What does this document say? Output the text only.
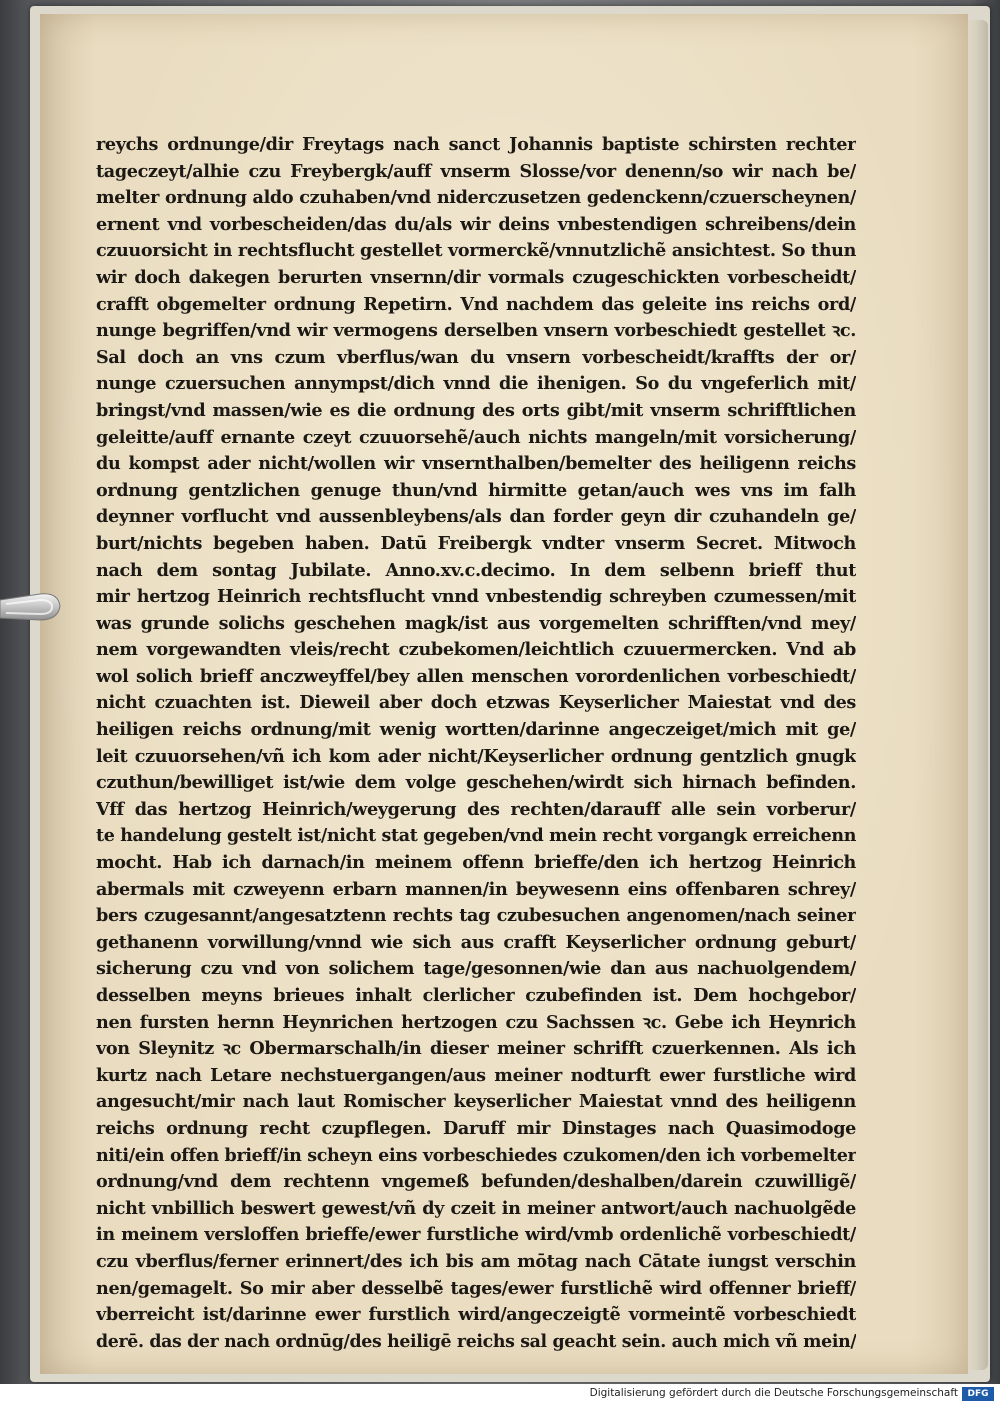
reychs ordnunge/dir Freytags nach sanct Johannis baptiste schirsten rechter
tageczeyt/alhie czu Freybergk/auff vnserm Slosse/vor denenn/so wir nach be/
melter ordnung aldo czuhaben/vnd niderczusetzen gedenckenn/czuerscheynen/
ernent vnd vorbescheiden/das du/als wir deins vnbestendigen schreibens/dein
czuuorsicht in rechtsflucht gestellet vormerckẽ/vnnutzlichẽ ansichtest. So thun
wir doch dakegen berurten vnsernn/dir vormals czugeschickten vorbescheidt/
crafft obgemelter ordnung Repetirn. Vnd nachdem das geleite ins reichs ord/
nunge begriffen/vnd wir vermogens derselben vnsern vorbeschiedt gestellet ꝛc.
Sal doch an vns czum vberflus/wan du vnsern vorbescheidt/kraffts der or/
nunge czuersuchen annympst/dich vnnd die ihenigen. So du vngeferlich mit/
bringst/vnd massen/wie es die ordnung des orts gibt/mit vnserm schrifftlichen
geleitte/auff ernante czeyt czuuorsehẽ/auch nichts mangeln/mit vorsicherung/
du kompst ader nicht/wollen wir vnsernthalben/bemelter des heiligenn reichs
ordnung gentzlichen genuge thun/vnd hirmitte getan/auch wes vns im falh
deynner vorflucht vnd aussenbleybens/als dan forder geyn dir czuhandeln ge/
burt/nichts begeben haben. Datū Freibergk vndter vnserm Secret. Mitwoch
nach dem sontag Jubilate. Anno.xv.c.decimo. In dem selbenn brieff thut
mir hertzog Heinrich rechtsflucht vnnd vnbestendig schreyben czumessen/mit
was grunde solichs geschehen magk/ist aus vorgemelten schrifften/vnd mey/
nem vorgewandten vleis/recht czubekomen/leichtlich czuuermercken. Vnd ab
wol solich brieff anczweyffel/bey allen menschen vorordenlichen vorbeschiedt/
nicht czuachten ist. Dieweil aber doch etzwas Keyserlicher Maiestat vnd des
heiligen reichs ordnung/mit wenig wortten/darinne angeczeiget/mich mit ge/
leit czuuorsehen/vñ ich kom ader nicht/Keyserlicher ordnung gentzlich gnugk
czuthun/bewilliget ist/wie dem volge geschehen/wirdt sich hirnach befinden.
Vff das hertzog Heinrich/weygerung des rechten/darauff alle sein vorberur/
te handelung gestelt ist/nicht stat gegeben/vnd mein recht vorgangk erreichenn
mocht. Hab ich darnach/in meinem offenn brieffe/den ich hertzog Heinrich
abermals mit czweyenn erbarn mannen/in beywesenn eins offenbaren schrey/
bers czugesannt/angesatztenn rechts tag czubesuchen angenomen/nach seiner
gethanenn vorwillung/vnnd wie sich aus crafft Keyserlicher ordnung geburt/
sicherung czu vnd von solichem tage/gesonnen/wie dan aus nachuolgendem/
desselben meyns brieues inhalt clerlicher czubefinden ist. Dem hochgebor/
nen fursten hernn Heynrichen hertzogen czu Sachssen ꝛc. Gebe ich Heynrich
von Sleynitz ꝛc Obermarschalh/in dieser meiner schrifft czuerkennen. Als ich
kurtz nach Letare nechstuergangen/aus meiner nodturft ewer furstliche wird
angesucht/mir nach laut Romischer keyserlicher Maiestat vnnd des heiligenn
reichs ordnung recht czupflegen. Daruff mir Dinstages nach Quasimodoge
niti/ein offen brieff/in scheyn eins vorbeschiedes czukomen/den ich vorbemelter
ordnung/vnd dem rechtenn vngemeß befunden/deshalben/darein czuwilligẽ/
nicht vnbillich beswert gewest/vñ dy czeit in meiner antwort/auch nachuolgẽde
in meinem versloffen brieffe/ewer furstliche wird/vmb ordenlichẽ vorbeschiedt/
czu vberflus/ferner erinnert/des ich bis am mōtag nach Cātate iungst verschin
nen/gemagelt. So mir aber desselbẽ tages/ewer furstlichẽ wird offenner brieff/
vberreicht ist/darinne ewer furstlich wird/angeczeigtẽ vormeintẽ vorbeschiedt
derē. das der nach ordnūg/des heiligē reichs sal geacht sein. auch mich vñ mein/
Digitalisierung gefördert durch die Deutsche Forschungsgemeinschaft	DFG
